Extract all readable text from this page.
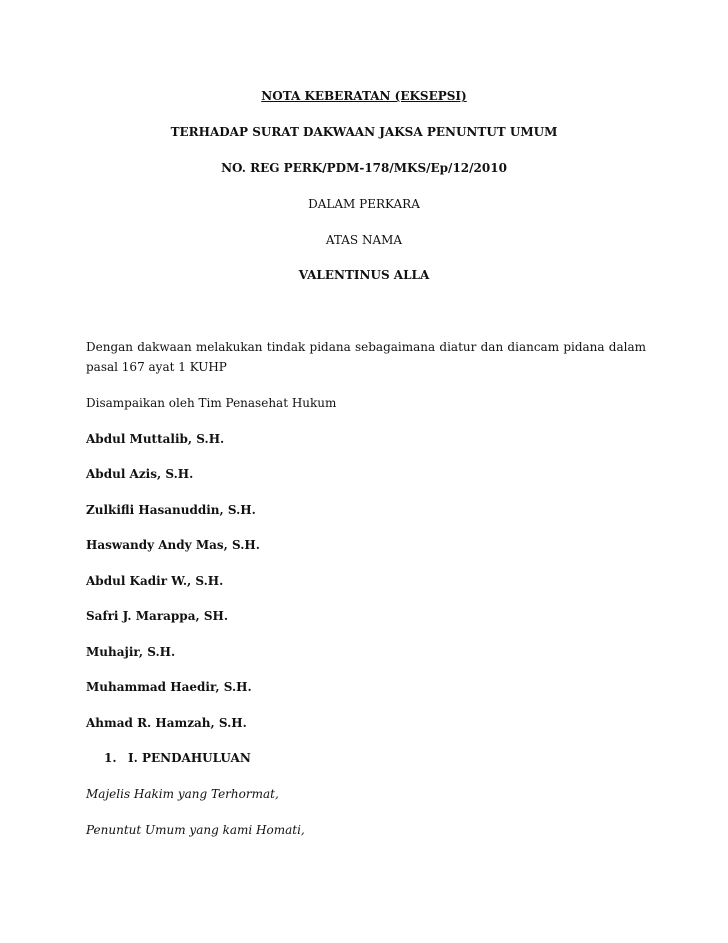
NOTA KEBERATAN (EKSEPSI)
TERHADAP SURAT DAKWAAN JAKSA PENUNTUT UMUM
NO. REG PERK/PDM-178/MKS/Ep/12/2010
DALAM PERKARA
ATAS NAMA
VALENTINUS ALLA
Dengan dakwaan melakukan tindak pidana sebagaimana diatur dan diancam pidana dalam pasal 167 ayat 1 KUHP
Disampaikan oleh Tim Penasehat Hukum
Abdul Muttalib, S.H.
Abdul Azis, S.H.
Zulkifli Hasanuddin, S.H.
Haswandy Andy Mas, S.H.
Abdul Kadir W., S.H.
Safri J. Marappa, SH.
Muhajir, S.H.
Muhammad Haedir, S.H.
Ahmad R. Hamzah, S.H.
1. I. PENDAHULUAN
Majelis Hakim yang Terhormat,
Penuntut Umum yang kami Homati,
